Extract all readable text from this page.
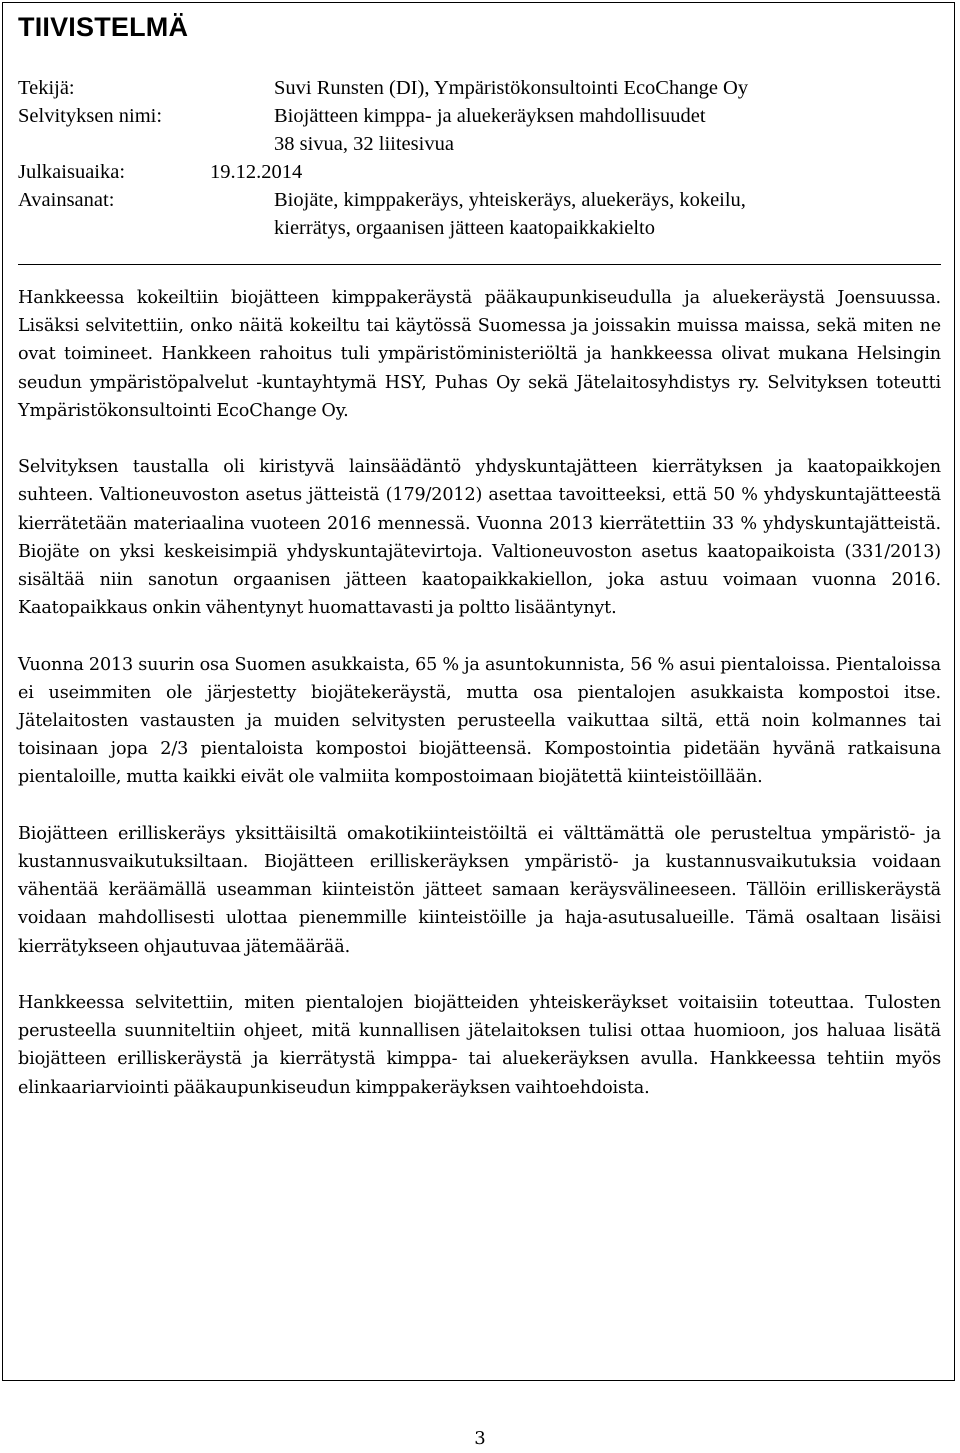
TIIVISTELMÄ
Tekijä:	Suvi Runsten (DI), Ympäristökonsultointi EcoChange Oy
Selvityksen nimi:	Biojätteen kimppa- ja aluekeräyksen mahdollisuudet
38 sivua, 32 liitesivua
Julkaisuaika:	19.12.2014
Avainsanat:	Biojäte, kimppakeräys, yhteiskeräys, aluekeräys, kokeilu,
kierrätys, orgaanisen jätteen kaatopaikkakielto

Hankkeessa kokeiltiin biojätteen kimppakeräystä pääkaupunkiseudulla ja aluekeräystä Joensuussa. Lisäksi selvitettiin, onko näitä kokeiltu tai käytössä Suomessa ja joissakin muissa maissa, sekä miten ne ovat toimineet. Hankkeen rahoitus tuli ympäristöministeriöltä ja hankkeessa olivat mukana Helsingin seudun ympäristöpalvelut -kuntayhtymä HSY, Puhas Oy sekä Jätelaitosyhdistys ry. Selvityksen toteutti Ympäristökonsultointi EcoChange Oy.

Selvityksen taustalla oli kiristyvä lainsäädäntö yhdyskuntajätteen kierrätyksen ja kaatopaikkojen suhteen. Valtioneuvoston asetus jätteistä (179/2012) asettaa tavoitteeksi, että 50 % yhdyskuntajätteestä kierrätetään materiaalina vuoteen 2016 mennessä. Vuonna 2013 kierrätettiin 33 % yhdyskuntajätteistä. Biojäte on yksi keskeisimpiä yhdyskuntajätevirtoja. Valtioneuvoston asetus kaatopaikoista (331/2013) sisältää niin sanotun orgaanisen jätteen kaatopaikkakiellon, joka astuu voimaan vuonna 2016. Kaatopaikkaus onkin vähentynyt huomattavasti ja poltto lisääntynyt.

Vuonna 2013 suurin osa Suomen asukkaista, 65 % ja asuntokunnista, 56 % asui pientaloissa. Pientaloissa ei useimmiten ole järjestetty biojätekeräystä, mutta osa pientalojen asukkaista kompostoi itse. Jätelaitosten vastausten ja muiden selvitysten perusteella vaikuttaa siltä, että noin kolmannes tai toisinaan jopa 2/3 pientaloista kompostoi biojätteensä. Kompostointia pidetään hyvänä ratkaisuna pientaloille, mutta kaikki eivät ole valmiita kompostoimaan biojätettä kiinteistöillään.

Biojätteen erilliskeräys yksittäisiltä omakotikiinteistöiltä ei välttämättä ole perusteltua ympäristö- ja kustannusvaikutuksiltaan. Biojätteen erilliskeräyksen ympäristö- ja kustannusvaikutuksia voidaan vähentää keräämällä useamman kiinteistön jätteet samaan keräysvälineeseen. Tällöin erilliskeräystä voidaan mahdollisesti ulottaa pienemmille kiinteistöille ja haja-asutusalueille. Tämä osaltaan lisäisi kierrätykseen ohjautuvaa jätemäärää.

Hankkeessa selvitettiin, miten pientalojen biojätteiden yhteiskeräykset voitaisiin toteuttaa. Tulosten perusteella suunniteltiin ohjeet, mitä kunnallisen jätelaitoksen tulisi ottaa huomioon, jos haluaa lisätä biojätteen erilliskeräystä ja kierrätystä kimppa- tai aluekeräyksen avulla. Hankkeessa tehtiin myös elinkaariarviointi pääkaupunkiseudun kimppakeräyksen vaihtoehdoista.

3
